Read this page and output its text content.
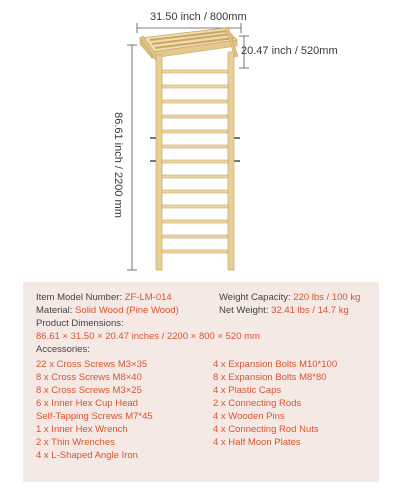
31.50 inch / 800mm
20.47 inch / 520mm
86.61 inch / 2200 mm
Item Model Number: ZF-LM-014	Weight Capacity: 220 lbs / 100 kg
Material: Solid Wood (Pine Wood)	Net Weight: 32.41 lbs / 14.7 kg
Product Dimensions:
86.61 × 31.50 × 20.47 inches / 2200 × 800 × 520 mm
Accessories:
22 x Cross Screws M3×35
8 x Cross Screws M8×40
8 x Cross Screws M3×25
6 x Inner Hex Cup Head
Self-Tapping Screws M7*45
1 x Inner Hex Wrench
2 x Thin Wrenches
4 x L-Shaped Angle Iron
4 x Expansion Bolts M10*100
8 x Expansion Bolts M8*80
4 x Plastic Caps
2 x Connecting Rods
4 x Wooden Pins
4 x Connecting Rod Nuts
4 x Half Moon Plates
